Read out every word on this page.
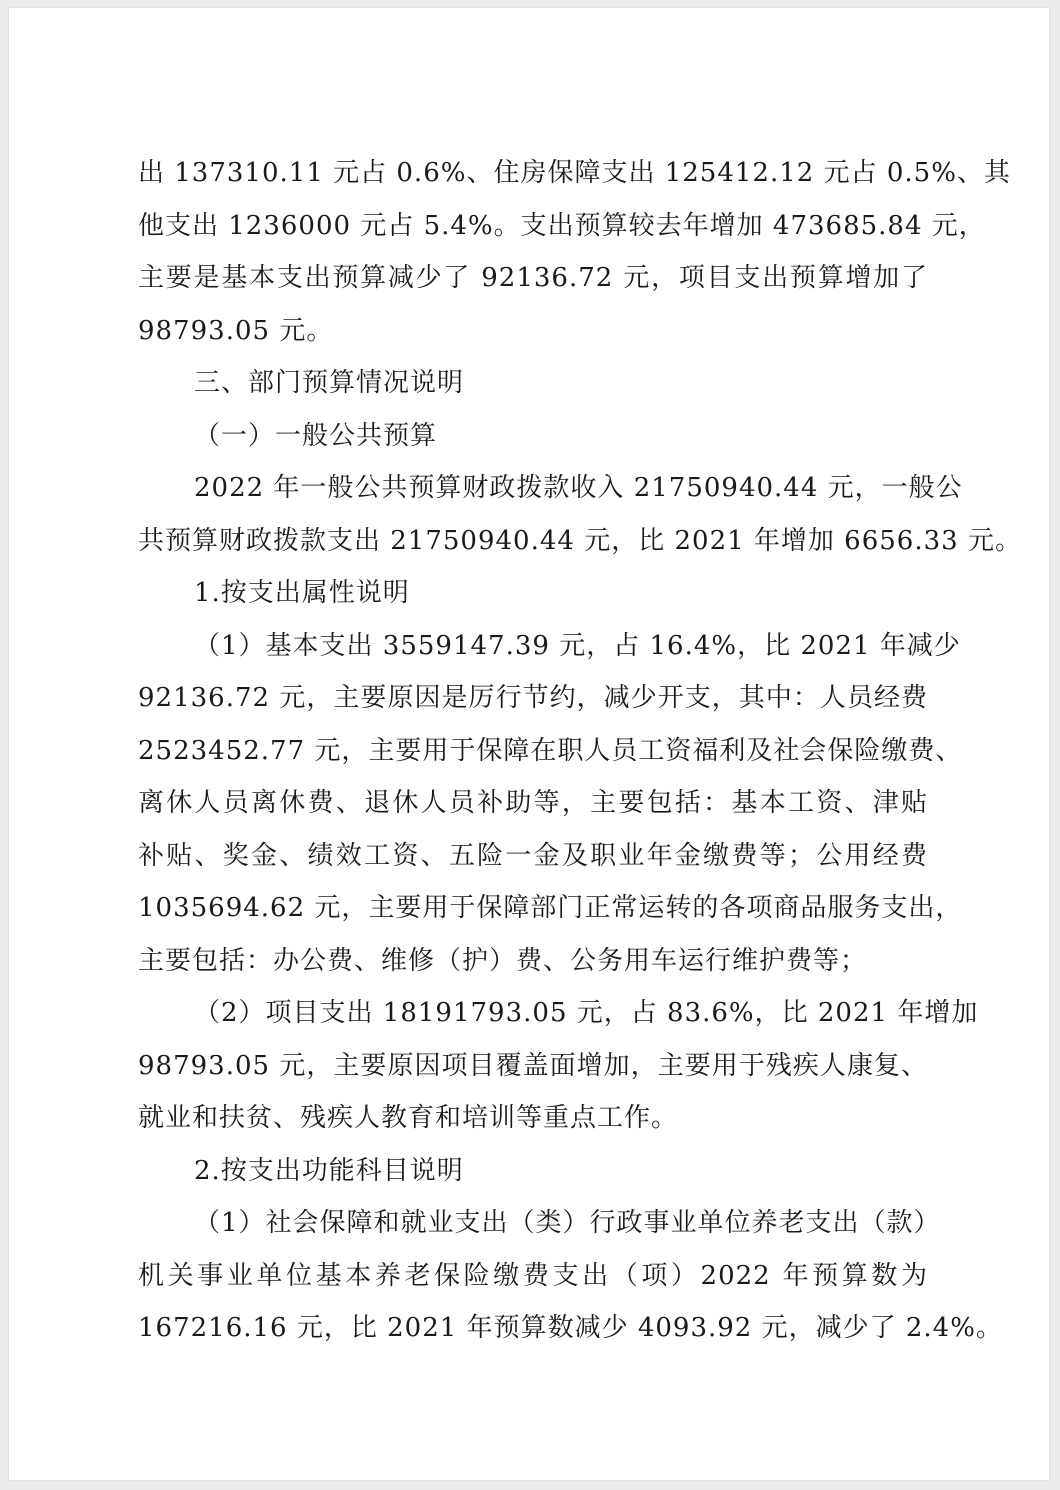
出 137310.11 元占 0.6%、住房保障支出 125412.12 元占 0.5%、其
他支出 1236000 元占 5.4%。支出预算较去年增加 473685.84 元，
主要是基本支出预算减少了 92136.72 元，项目支出预算增加了
98793.05 元。
三、部门预算情况说明
（一）一般公共预算
2022 年一般公共预算财政拨款收入 21750940.44 元，一般公
共预算财政拨款支出 21750940.44 元，比 2021 年增加 6656.33 元。
1.按支出属性说明
（1）基本支出 3559147.39 元，占 16.4%，比 2021 年减少
92136.72 元，主要原因是厉行节约，减少开支，其中：人员经费
2523452.77 元，主要用于保障在职人员工资福利及社会保险缴费、
离休人员离休费、退休人员补助等，主要包括：基本工资、津贴
补贴、奖金、绩效工资、五险一金及职业年金缴费等；公用经费
1035694.62 元，主要用于保障部门正常运转的各项商品服务支出，
主要包括：办公费、维修（护）费、公务用车运行维护费等；
（2）项目支出 18191793.05 元，占 83.6%，比 2021 年增加
98793.05 元，主要原因项目覆盖面增加，主要用于残疾人康复、
就业和扶贫、残疾人教育和培训等重点工作。
2.按支出功能科目说明
（1）社会保障和就业支出（类）行政事业单位养老支出（款）
机关事业单位基本养老保险缴费支出（项）2022 年预算数为
167216.16 元，比 2021 年预算数减少 4093.92 元，减少了 2.4%。
